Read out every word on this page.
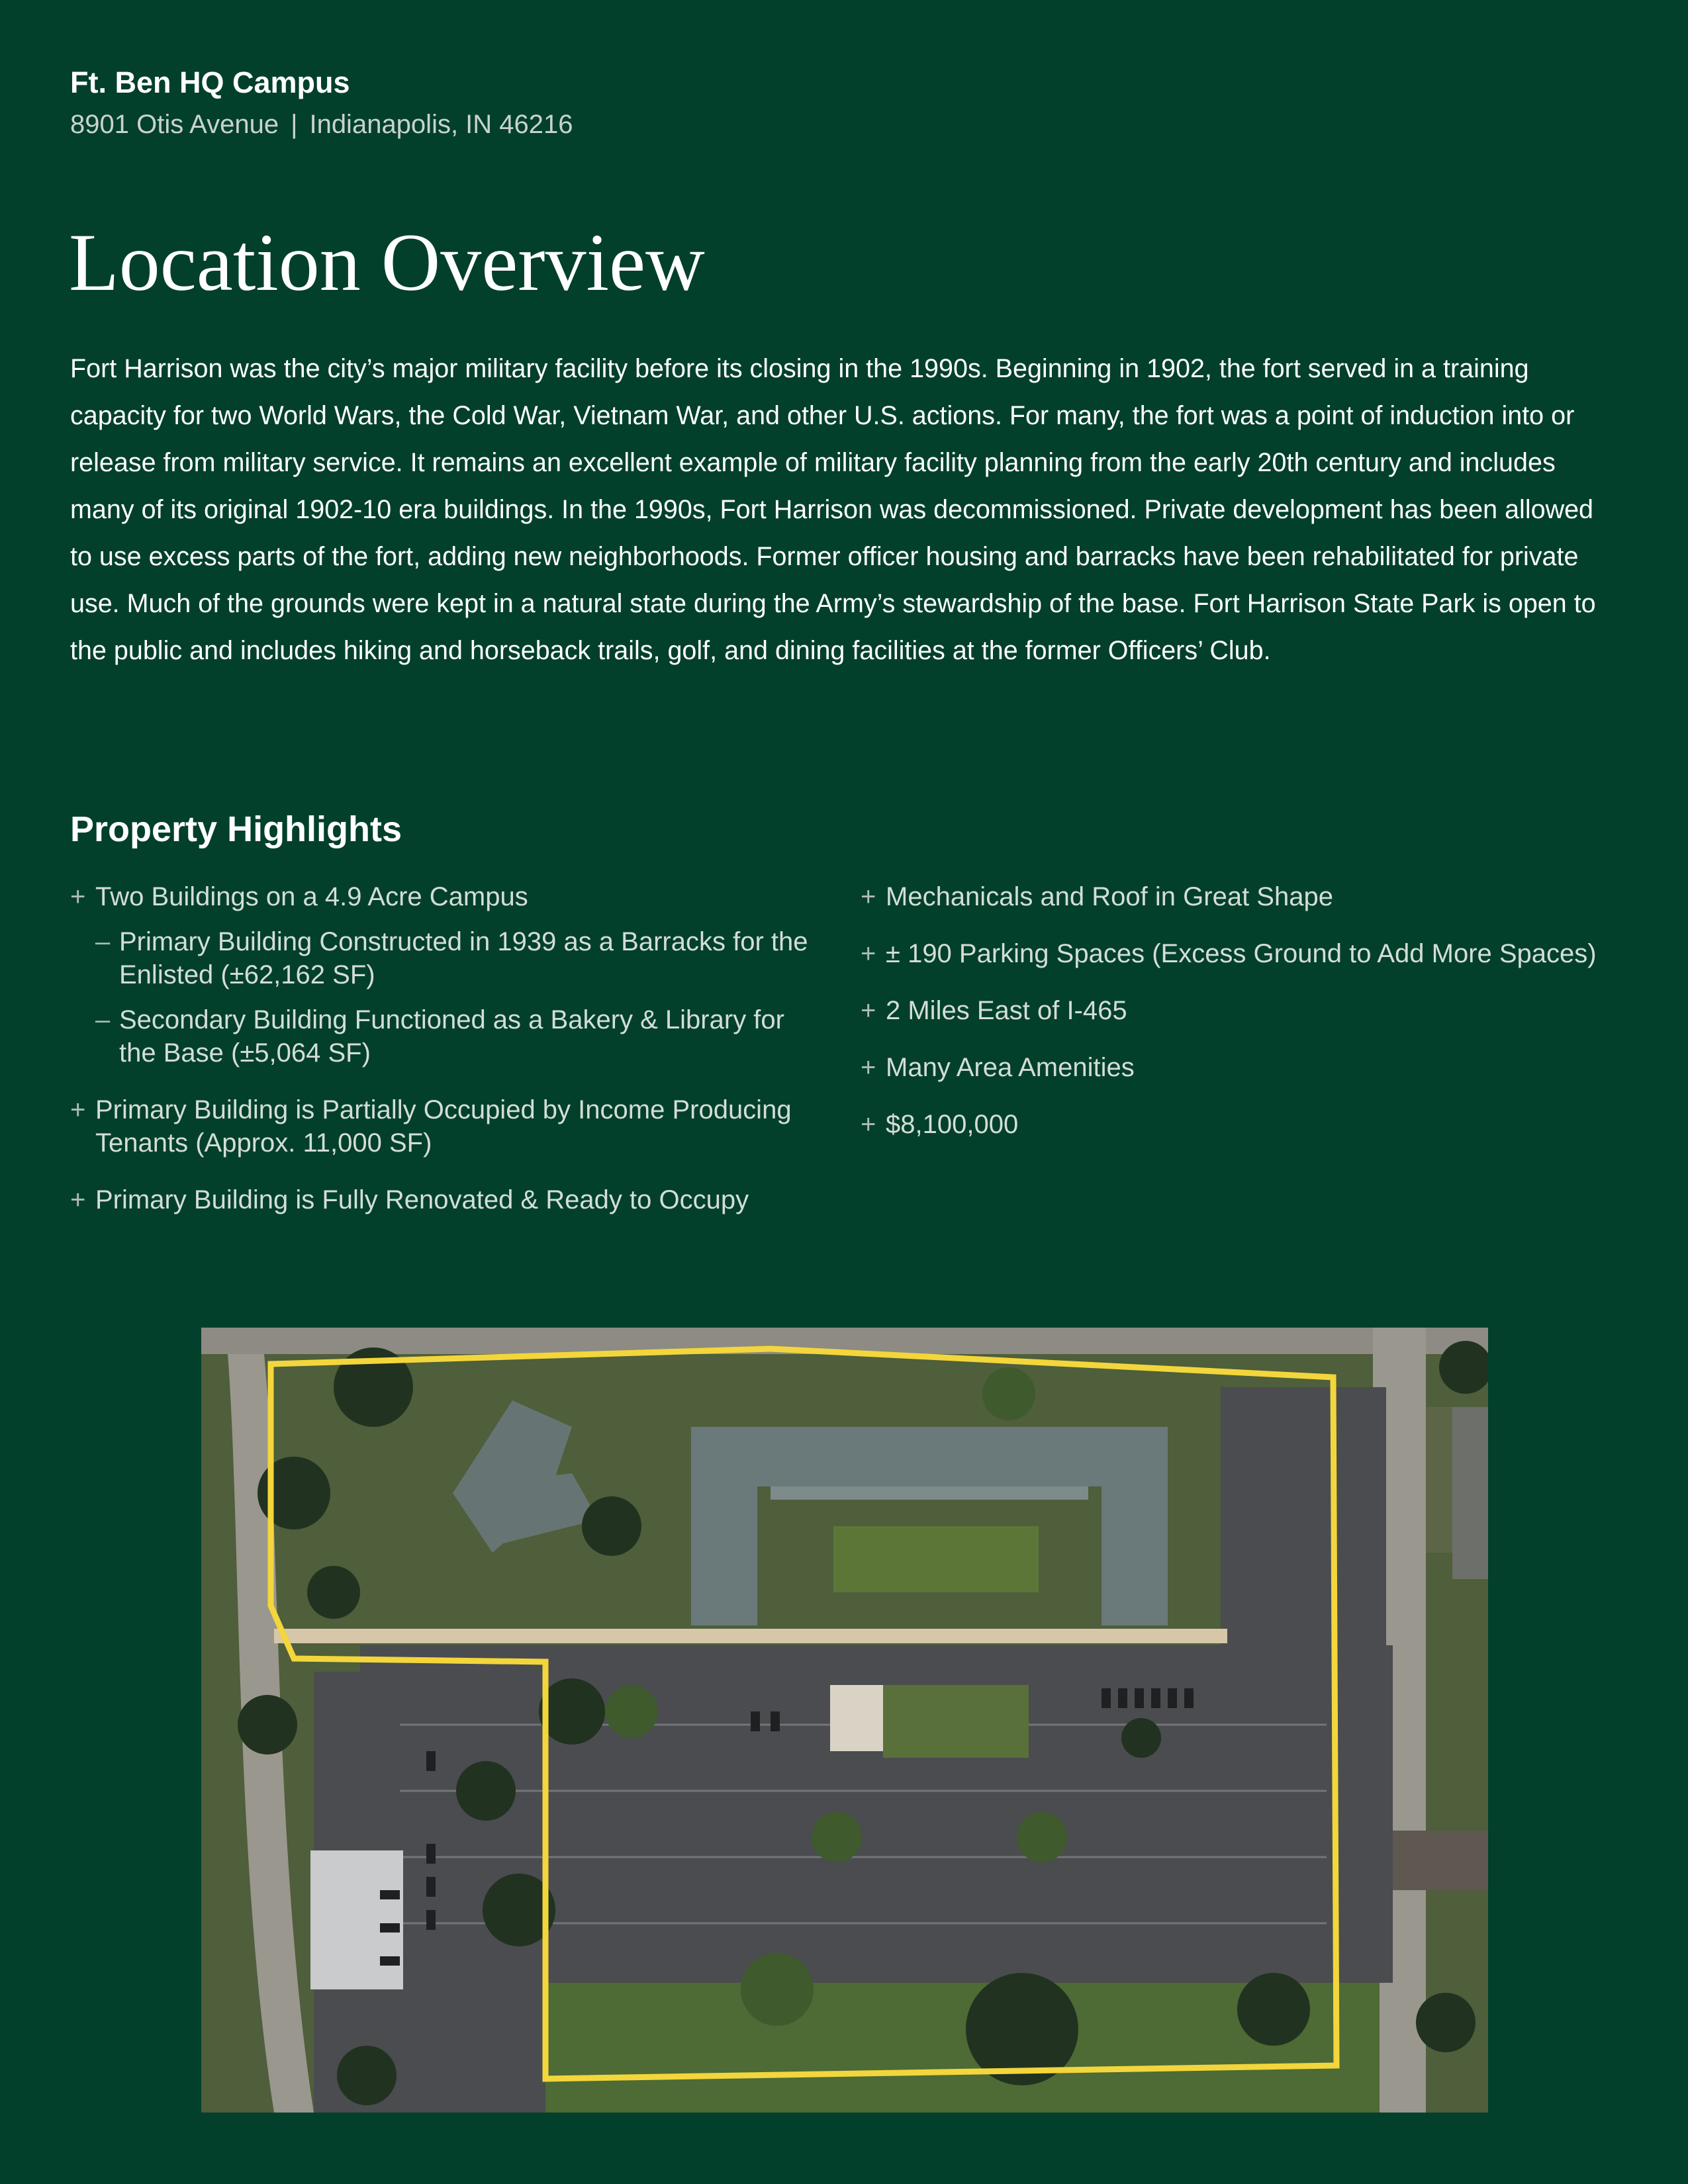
Ft. Ben HQ Campus
8901 Otis Avenue | Indianapolis, IN 46216
Location Overview

Fort Harrison was the city’s major military facility before its closing in the 1990s. Beginning in 1902, the fort served in a training capacity for two World Wars, the Cold War, Vietnam War, and other U.S. actions. For many, the fort was a point of induction into or release from military service. It remains an excellent example of military facility planning from the early 20th century and includes many of its original 1902-10 era buildings. In the 1990s, Fort Harrison was decommissioned. Private development has been allowed to use excess parts of the fort, adding new neighborhoods. Former officer housing and barracks have been rehabilitated for private use. Much of the grounds were kept in a natural state during the Army’s stewardship of the base. Fort Harrison State Park is open to the public and includes hiking and horseback trails, golf, and dining facilities at the former Officers’ Club.

Property Highlights
+ Two Buildings on a 4.9 Acre Campus
– Primary Building Constructed in 1939 as a Barracks for the Enlisted (±62,162 SF)
– Secondary Building Functioned as a Bakery & Library for the Base (±5,064 SF)
+ Primary Building is Partially Occupied by Income Producing Tenants (Approx. 11,000 SF)
+ Primary Building is Fully Renovated & Ready to Occupy
+ Mechanicals and Roof in Great Shape
+ ± 190 Parking Spaces (Excess Ground to Add More Spaces)
+ 2 Miles East of I-465
+ Many Area Amenities
+ $8,100,000
